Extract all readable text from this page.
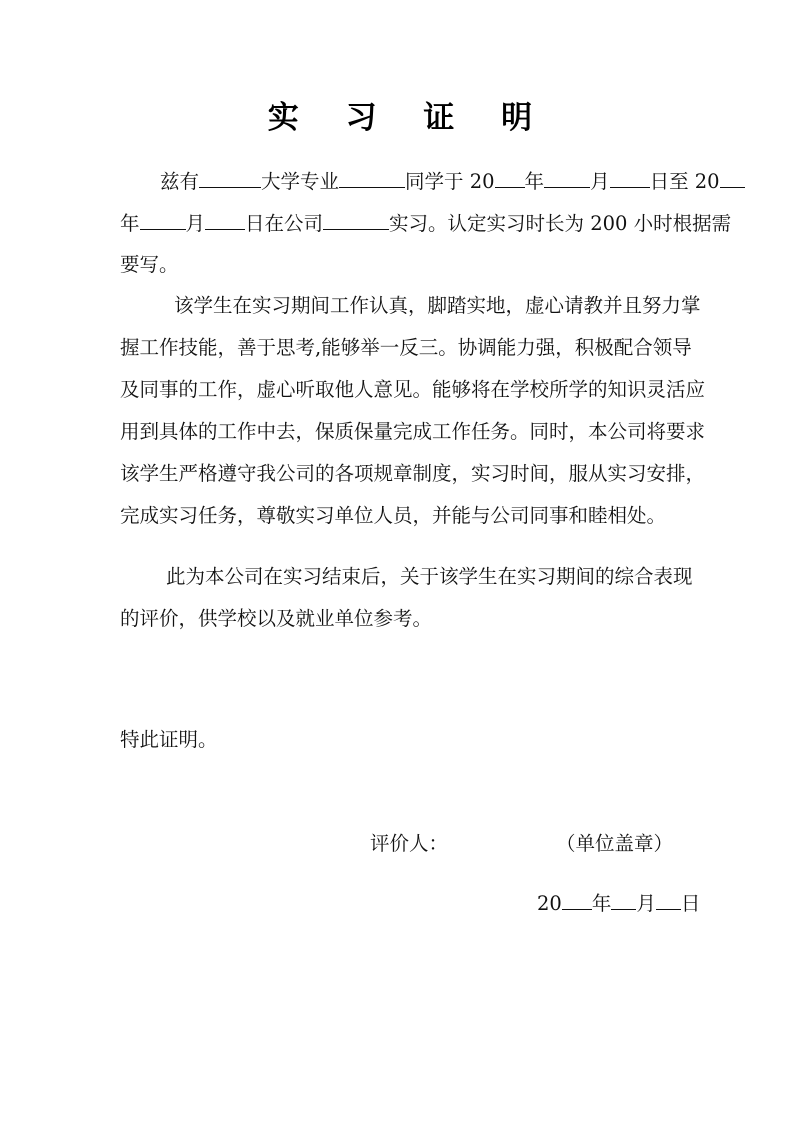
实 习 证 明
兹有	大学专业	同学于 20 年 月 日至 20
年 月 日在公司	实习。认定实习时长为 200 小时根据需
要写。
该学生在实习期间工作认真，脚踏实地，虚心请教并且努力掌
握工作技能，善于思考,能够举一反三。协调能力强，积极配合领导
及同事的工作，虚心听取他人意见。能够将在学校所学的知识灵活应
用到具体的工作中去，保质保量完成工作任务。同时，本公司将要求
该学生严格遵守我公司的各项规章制度，实习时间，服从实习安排，
完成实习任务，尊敬实习单位人员，并能与公司同事和睦相处。
此为本公司在实习结束后，关于该学生在实习期间的综合表现
的评价，供学校以及就业单位参考。
特此证明。
评价人：	（单位盖章）
20 年 月 日
